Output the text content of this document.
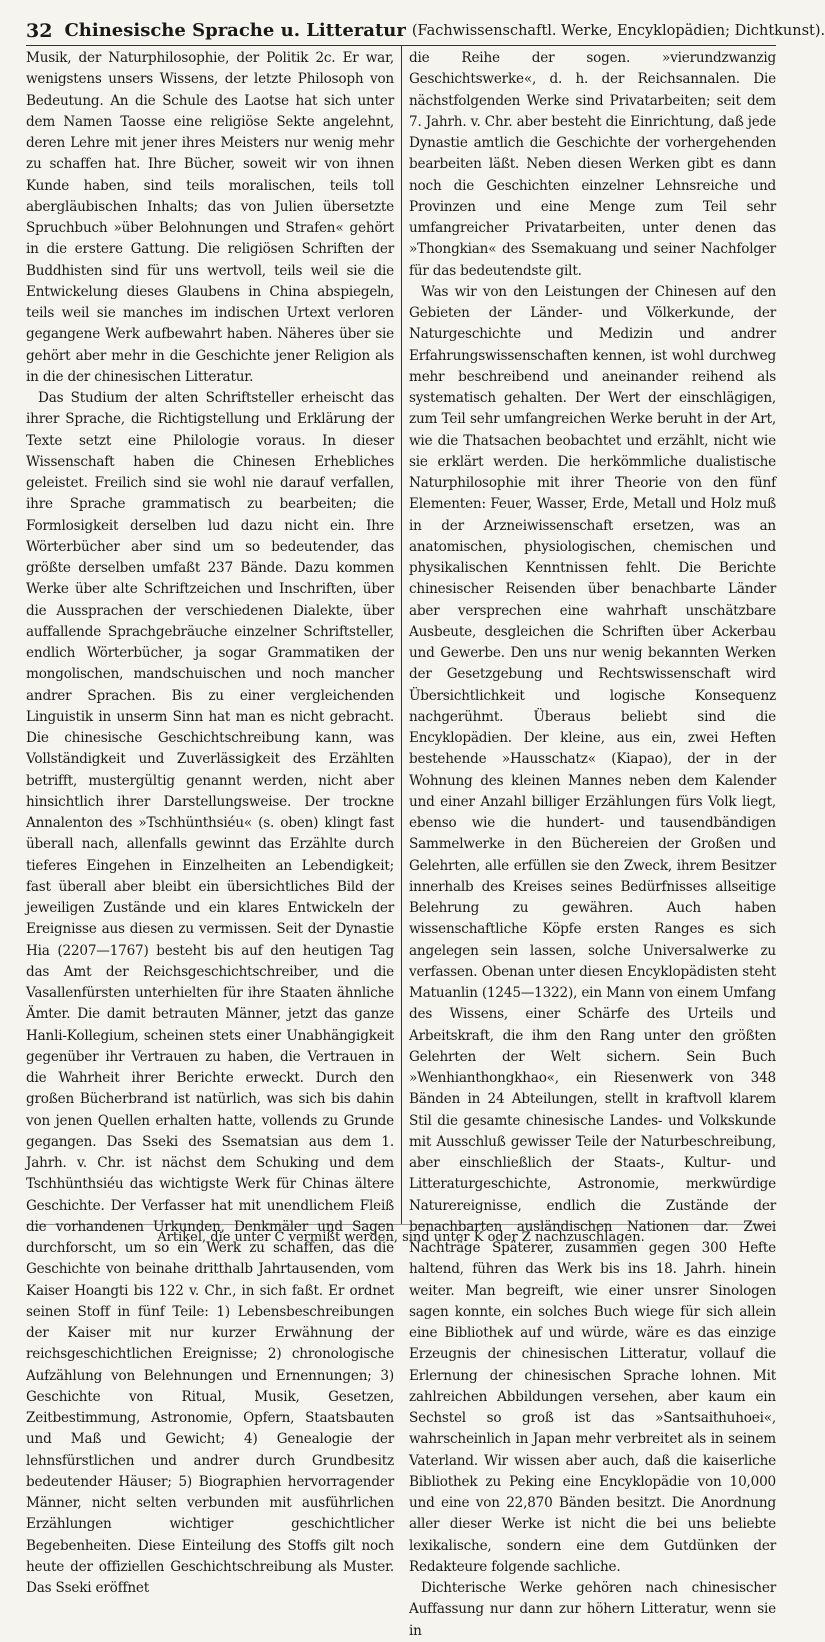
32 Chinesische Sprache u. Litteratur (Fachwissenschaftl. Werke, Encyklopädien; Dichtkunst).

Musik, der Naturphilosophie, der Politik 2c. Er war, wenigstens unsers Wissens, der letzte Philosoph von Bedeutung. An die Schule des Laotse hat sich unter dem Namen Taosse eine religiöse Sekte angelehnt, deren Lehre mit jener ihres Meisters nur wenig mehr zu schaffen hat. Ihre Bücher, soweit wir von ihnen Kunde haben, sind teils moralischen, teils toll abergläubischen Inhalts; das von Julien übersetzte Spruchbuch »über Belohnungen und Strafen« gehört in die erstere Gattung. Die religiösen Schriften der Buddhisten sind für uns wertvoll, teils weil sie die Entwickelung dieses Glaubens in China abspiegeln, teils weil sie manches im indischen Urtext verloren gegangene Werk aufbewahrt haben. Näheres über sie gehört aber mehr in die Geschichte jener Religion als in die der chinesischen Litteratur.

Das Studium der alten Schriftsteller erheischt das ihrer Sprache, die Richtigstellung und Erklärung der Texte setzt eine Philologie voraus. In dieser Wissenschaft haben die Chinesen Erhebliches geleistet. Freilich sind sie wohl nie darauf verfallen, ihre Sprache grammatisch zu bearbeiten; die Formlosigkeit derselben lud dazu nicht ein. Ihre Wörterbücher aber sind um so bedeutender, das größte derselben umfaßt 237 Bände. Dazu kommen Werke über alte Schriftzeichen und Inschriften, über die Aussprachen der verschiedenen Dialekte, über auffallende Sprachgebräuche einzelner Schriftsteller, endlich Wörterbücher, ja sogar Grammatiken der mongolischen, mandschuischen und noch mancher andrer Sprachen. Bis zu einer vergleichenden Linguistik in unserm Sinn hat man es nicht gebracht. Die chinesische Geschichtschreibung kann, was Vollständigkeit und Zuverlässigkeit des Erzählten betrifft, mustergültig genannt werden, nicht aber hinsichtlich ihrer Darstellungsweise. Der trockne Annalenton des »Tschhünthsiéu« (s. oben) klingt fast überall nach, allenfalls gewinnt das Erzählte durch tieferes Eingehen in Einzelheiten an Lebendigkeit; fast überall aber bleibt ein übersichtliches Bild der jeweiligen Zustände und ein klares Entwickeln der Ereignisse aus diesen zu vermissen. Seit der Dynastie Hia (2207—1767) besteht bis auf den heutigen Tag das Amt der Reichsgeschichtschreiber, und die Vasallenfürsten unterhielten für ihre Staaten ähnliche Ämter. Die damit betrauten Männer, jetzt das ganze Hanli-Kollegium, scheinen stets einer Unabhängigkeit gegenüber ihr Vertrauen zu haben, die Vertrauen in die Wahrheit ihrer Berichte erweckt. Durch den großen Bücherbrand ist natürlich, was sich bis dahin von jenen Quellen erhalten hatte, vollends zu Grunde gegangen. Das Sseki des Ssematsian aus dem 1. Jahrh. v. Chr. ist nächst dem Schuking und dem Tschhünthsiéu das wichtigste Werk für Chinas ältere Geschichte. Der Verfasser hat mit unendlichem Fleiß die vorhandenen Urkunden, Denkmäler und Sagen durchforscht, um so ein Werk zu schaffen, das die Geschichte von beinahe dritthalb Jahrtausenden, vom Kaiser Hoangti bis 122 v. Chr., in sich faßt. Er ordnet seinen Stoff in fünf Teile: 1) Lebensbeschreibungen der Kaiser mit nur kurzer Erwähnung der reichsgeschichtlichen Ereignisse; 2) chronologische Aufzählung von Belehnungen und Ernennungen; 3) Geschichte von Ritual, Musik, Gesetzen, Zeitbestimmung, Astronomie, Opfern, Staatsbauten und Maß und Gewicht; 4) Genealogie der lehnsfürstlichen und andrer durch Grundbesitz bedeutender Häuser; 5) Biographien hervorragender Männer, nicht selten verbunden mit ausführlichen Erzählungen wichtiger geschichtlicher Begebenheiten. Diese Einteilung des Stoffs gilt noch heute der offiziellen Geschichtschreibung als Muster. Das Sseki eröffnet

die Reihe der sogen. »vierundzwanzig Geschichtswerke«, d. h. der Reichsannalen. Die nächstfolgenden Werke sind Privatarbeiten; seit dem 7. Jahrh. v. Chr. aber besteht die Einrichtung, daß jede Dynastie amtlich die Geschichte der vorhergehenden bearbeiten läßt. Neben diesen Werken gibt es dann noch die Geschichten einzelner Lehnsreiche und Provinzen und eine Menge zum Teil sehr umfangreicher Privatarbeiten, unter denen das »Thongkian« des Ssemakuang und seiner Nachfolger für das bedeutendste gilt.

Was wir von den Leistungen der Chinesen auf den Gebieten der Länder- und Völkerkunde, der Naturgeschichte und Medizin und andrer Erfahrungswissenschaften kennen, ist wohl durchweg mehr beschreibend und aneinander reihend als systematisch gehalten. Der Wert der einschlägigen, zum Teil sehr umfangreichen Werke beruht in der Art, wie die Thatsachen beobachtet und erzählt, nicht wie sie erklärt werden. Die herkömmliche dualistische Naturphilosophie mit ihrer Theorie von den fünf Elementen: Feuer, Wasser, Erde, Metall und Holz muß in der Arzneiwissenschaft ersetzen, was an anatomischen, physiologischen, chemischen und physikalischen Kenntnissen fehlt. Die Berichte chinesischer Reisenden über benachbarte Länder aber versprechen eine wahrhaft unschätzbare Ausbeute, desgleichen die Schriften über Ackerbau und Gewerbe. Den uns nur wenig bekannten Werken der Gesetzgebung und Rechtswissenschaft wird Übersichtlichkeit und logische Konsequenz nachgerühmt. Überaus beliebt sind die Encyklopädien. Der kleine, aus ein, zwei Heften bestehende »Hausschatz« (Kiapao), der in der Wohnung des kleinen Mannes neben dem Kalender und einer Anzahl billiger Erzählungen fürs Volk liegt, ebenso wie die hundert- und tausendbändigen Sammelwerke in den Büchereien der Großen und Gelehrten, alle erfüllen sie den Zweck, ihrem Besitzer innerhalb des Kreises seines Bedürfnisses allseitige Belehrung zu gewähren. Auch haben wissenschaftliche Köpfe ersten Ranges es sich angelegen sein lassen, solche Universalwerke zu verfassen. Obenan unter diesen Encyklopädisten steht Matuanlin (1245—1322), ein Mann von einem Umfang des Wissens, einer Schärfe des Urteils und Arbeitskraft, die ihm den Rang unter den größten Gelehrten der Welt sichern. Sein Buch »Wenhianthongkhao«, ein Riesenwerk von 348 Bänden in 24 Abteilungen, stellt in kraftvoll klarem Stil die gesamte chinesische Landes- und Volkskunde mit Ausschluß gewisser Teile der Naturbeschreibung, aber einschließlich der Staats-, Kultur- und Litteraturgeschichte, Astronomie, merkwürdige Naturereignisse, endlich die Zustände der benachbarten ausländischen Nationen dar. Zwei Nachträge Späterer, zusammen gegen 300 Hefte haltend, führen das Werk bis ins 18. Jahrh. hinein weiter. Man begreift, wie einer unsrer Sinologen sagen konnte, ein solches Buch wiege für sich allein eine Bibliothek auf und würde, wäre es das einzige Erzeugnis der chinesischen Litteratur, vollauf die Erlernung der chinesischen Sprache lohnen. Mit zahlreichen Abbildungen versehen, aber kaum ein Sechstel so groß ist das »Santsaithuhoei«, wahrscheinlich in Japan mehr verbreitet als in seinem Vaterland. Wir wissen aber auch, daß die kaiserliche Bibliothek zu Peking eine Encyklopädie von 10,000 und eine von 22,870 Bänden besitzt. Die Anordnung aller dieser Werke ist nicht die bei uns beliebte lexikalische, sondern eine dem Gutdünken der Redakteure folgende sachliche.

Dichterische Werke gehören nach chinesischer Auffassung nur dann zur höhern Litteratur, wenn sie in

Artikel, die unter C vermißt werden, sind unter K oder Z nachzuschlagen.
